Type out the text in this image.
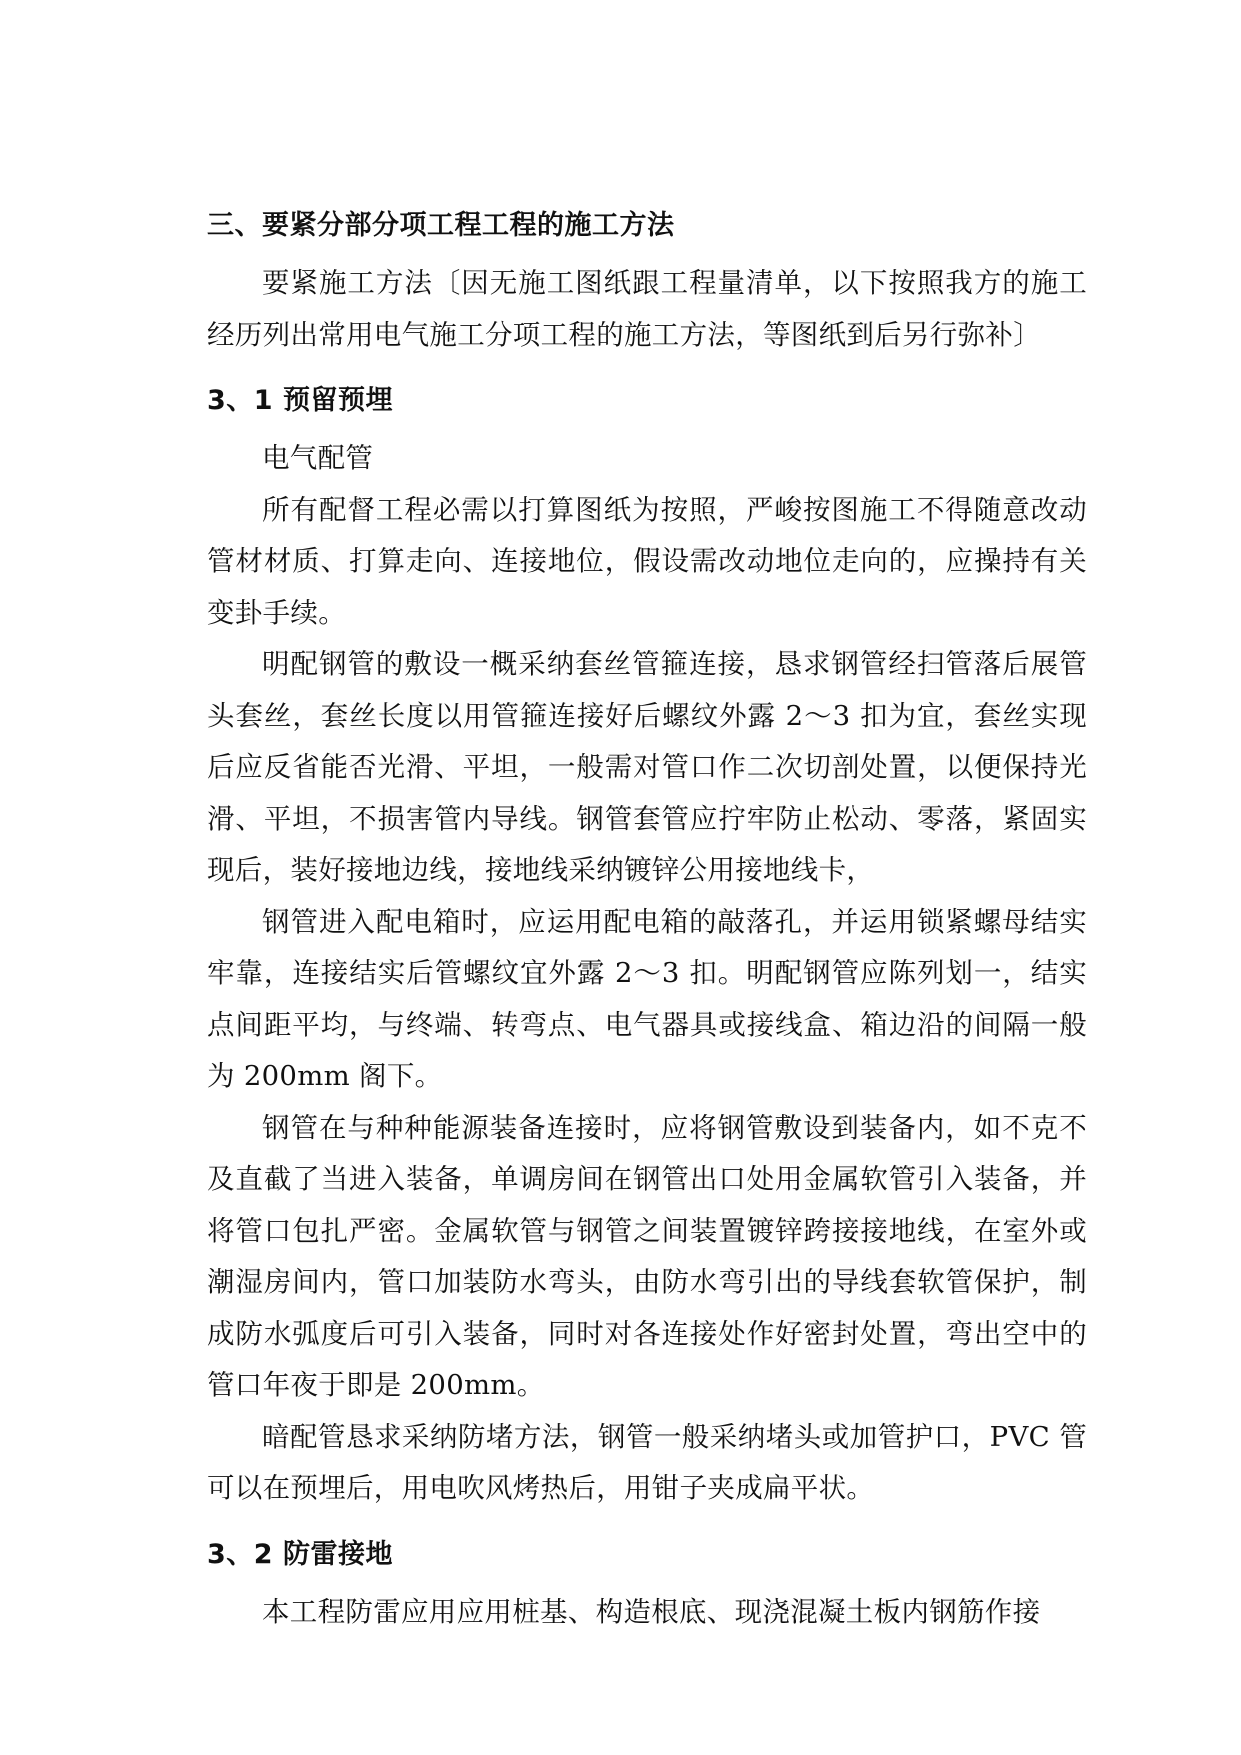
三、要紧分部分项工程工程的施工方法

要紧施工方法〔因无施工图纸跟工程量清单，以下按照我方的施工经历列出常用电气施工分项工程的施工方法，等图纸到后另行弥补〕

3、1 预留预埋

电气配管

所有配督工程必需以打算图纸为按照，严峻按图施工不得随意改动管材材质、打算走向、连接地位，假设需改动地位走向的，应操持有关变卦手续。

明配钢管的敷设一概采纳套丝管箍连接，恳求钢管经扫管落后展管头套丝，套丝长度以用管箍连接好后螺纹外露 2～3 扣为宜，套丝实现后应反省能否光滑、平坦，一般需对管口作二次切剖处置，以便保持光滑、平坦，不损害管内导线。钢管套管应拧牢防止松动、零落，紧固实现后，装好接地边线，接地线采纳镀锌公用接地线卡，

钢管进入配电箱时，应运用配电箱的敲落孔，并运用锁紧螺母结实牢靠，连接结实后管螺纹宜外露 2～3 扣。明配钢管应陈列划一，结实点间距平均，与终端、转弯点、电气器具或接线盒、箱边沿的间隔一般为 200mm 阁下。

钢管在与种种能源装备连接时，应将钢管敷设到装备内，如不克不及直截了当进入装备，单调房间在钢管出口处用金属软管引入装备，并将管口包扎严密。金属软管与钢管之间装置镀锌跨接接地线，在室外或潮湿房间内，管口加装防水弯头，由防水弯引出的导线套软管保护，制成防水弧度后可引入装备，同时对各连接处作好密封处置，弯出空中的管口年夜于即是 200mm。

暗配管恳求采纳防堵方法，钢管一般采纳堵头或加管护口，PVC 管可以在预埋后，用电吹风烤热后，用钳子夹成扁平状。

3、2 防雷接地

本工程防雷应用应用桩基、构造根底、现浇混凝土板内钢筋作接
